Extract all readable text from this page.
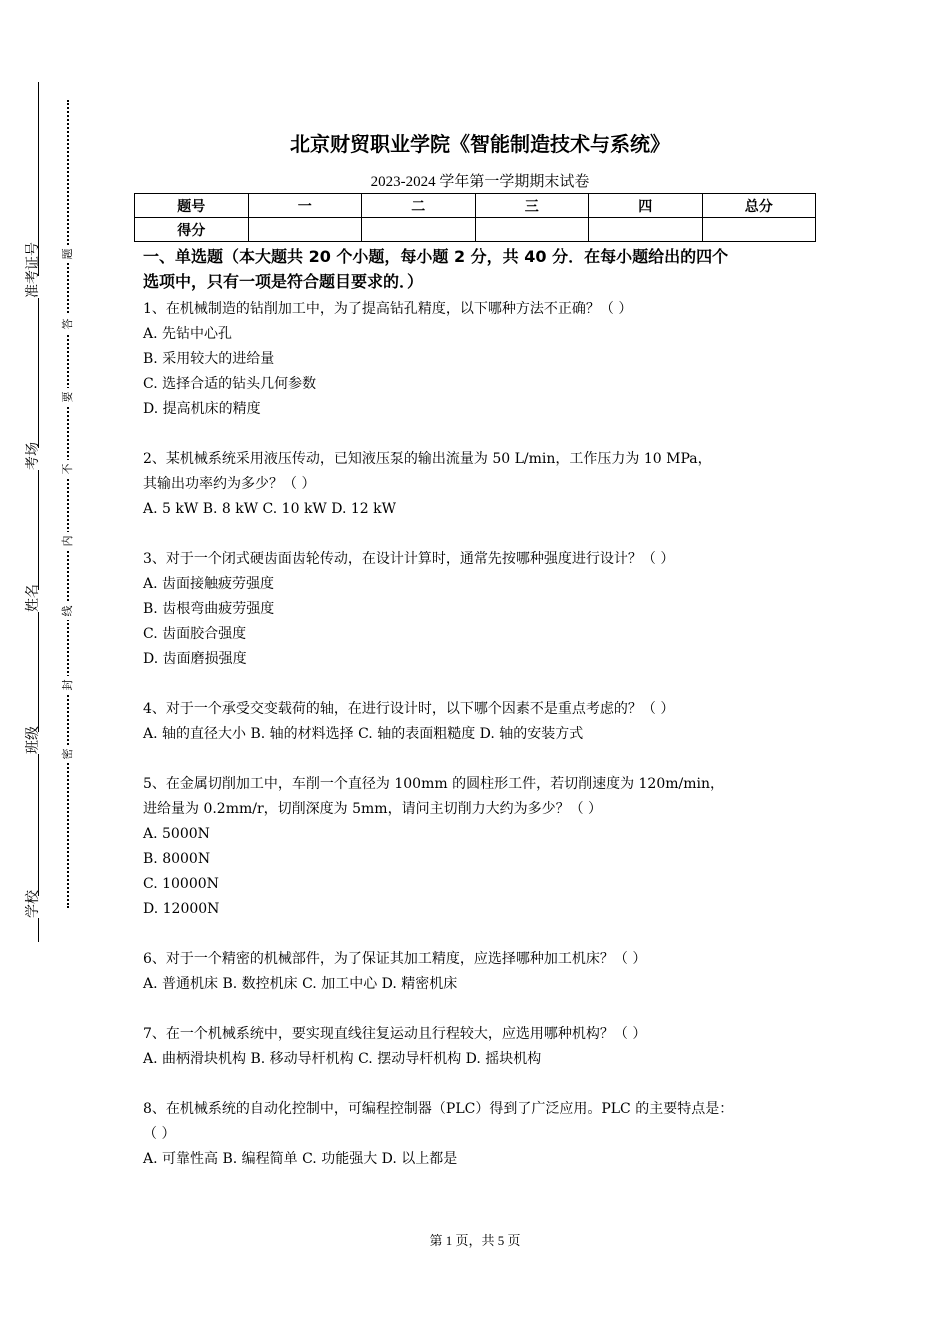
准考证号
考场
姓名
班级
学校
题
答
要
不
内
线
封
密
北京财贸职业学院《智能制造技术与系统》
2023-2024 学年第一学期期末试卷
题号	一	二	三	四	总分
得分					
一、单选题（本大题共 20 个小题，每小题 2 分，共 40 分．在每小题给出的四个
选项中，只有一项是符合题目要求的．）
1、在机械制造的钻削加工中，为了提高钻孔精度，以下哪种方法不正确？（ ）
A. 先钻中心孔
B. 采用较大的进给量
C. 选择合适的钻头几何参数
D. 提高机床的精度
2、某机械系统采用液压传动，已知液压泵的输出流量为 50 L/min，工作压力为 10 MPa，
其输出功率约为多少？（ ）
A. 5 kW B. 8 kW C. 10 kW D. 12 kW
3、对于一个闭式硬齿面齿轮传动，在设计计算时，通常先按哪种强度进行设计？（ ）
A. 齿面接触疲劳强度
B. 齿根弯曲疲劳强度
C. 齿面胶合强度
D. 齿面磨损强度
4、对于一个承受交变载荷的轴，在进行设计时，以下哪个因素不是重点考虑的？（ ）
A. 轴的直径大小 B. 轴的材料选择 C. 轴的表面粗糙度 D. 轴的安装方式
5、在金属切削加工中，车削一个直径为 100mm 的圆柱形工件，若切削速度为 120m/min，
进给量为 0.2mm/r，切削深度为 5mm，请问主切削力大约为多少？（ ）
A. 5000N
B. 8000N
C. 10000N
D. 12000N
6、对于一个精密的机械部件，为了保证其加工精度，应选择哪种加工机床？（ ）
A. 普通机床 B. 数控机床 C. 加工中心 D. 精密机床
7、在一个机械系统中，要实现直线往复运动且行程较大，应选用哪种机构？（ ）
A. 曲柄滑块机构 B. 移动导杆机构 C. 摆动导杆机构 D. 摇块机构
8、在机械系统的自动化控制中，可编程控制器（PLC）得到了广泛应用。PLC 的主要特点是：
（ ）
A. 可靠性高 B. 编程简单 C. 功能强大 D. 以上都是
第 1 页，共 5 页
